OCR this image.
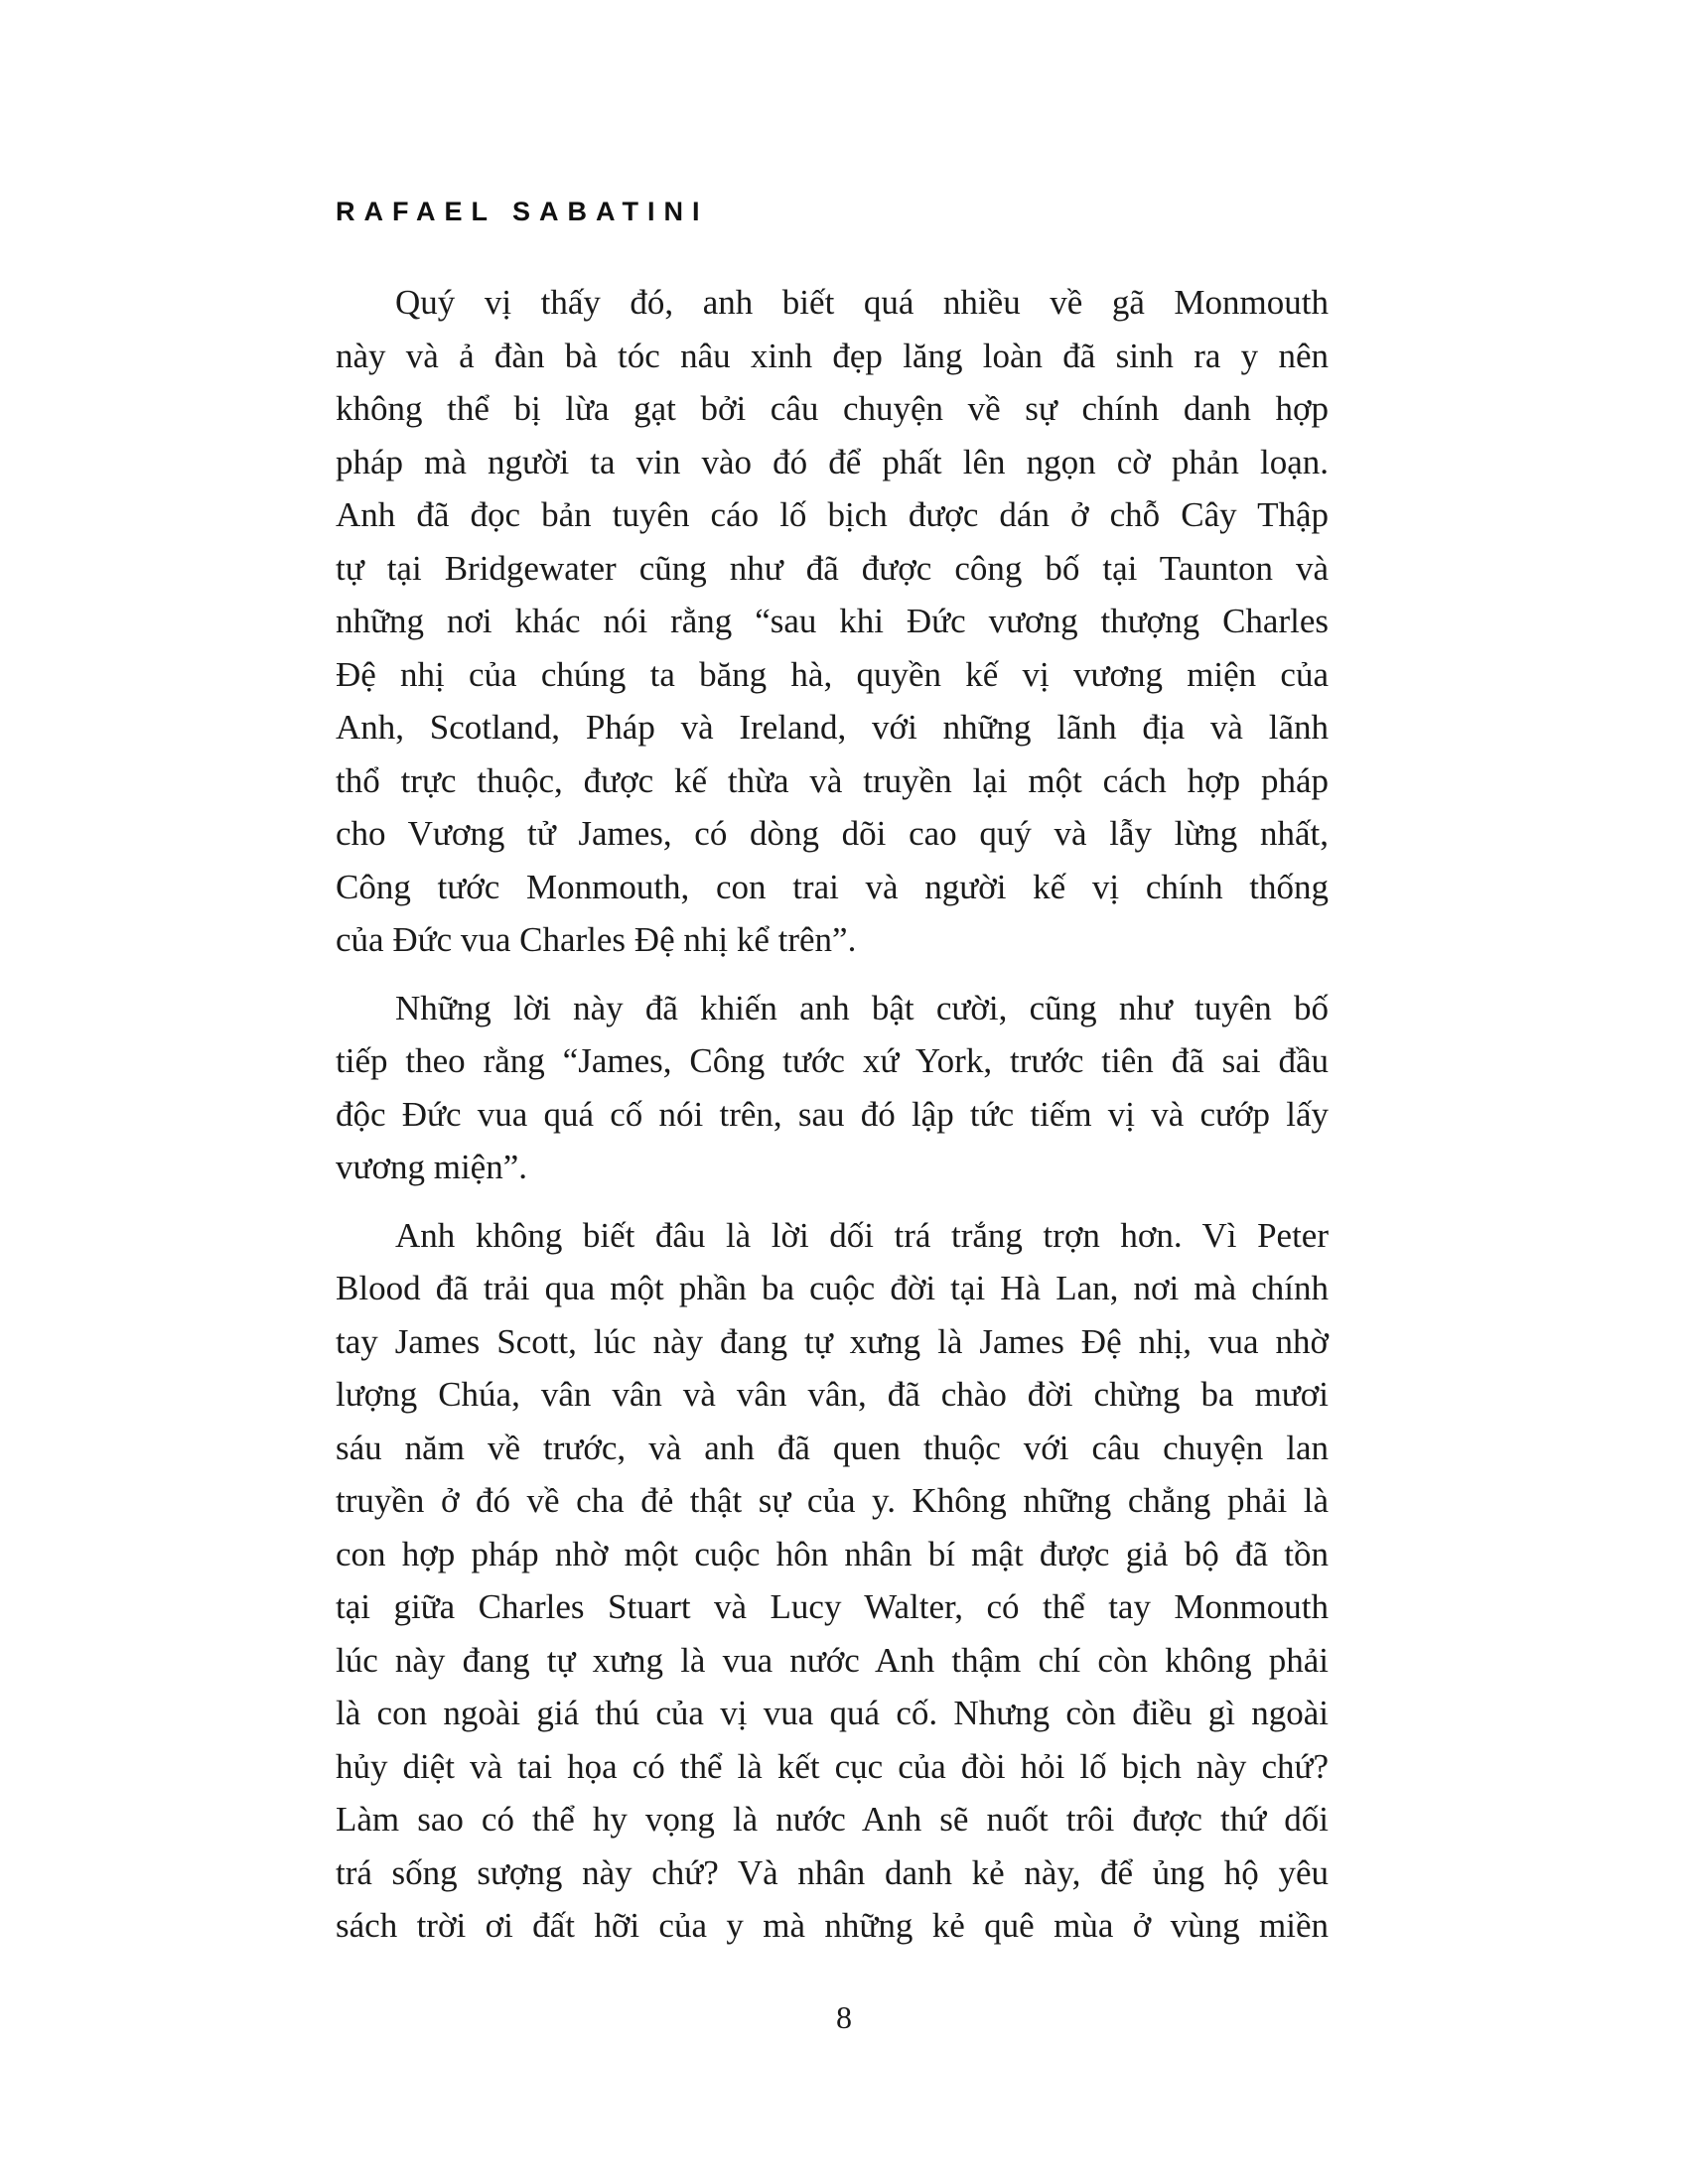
RAFAEL SABATINI
Quý vị thấy đó, anh biết quá nhiều về gã Monmouth
này và ả đàn bà tóc nâu xinh đẹp lăng loàn đã sinh ra y nên
không thể bị lừa gạt bởi câu chuyện về sự chính danh hợp
pháp mà người ta vin vào đó để phất lên ngọn cờ phản loạn.
Anh đã đọc bản tuyên cáo lố bịch được dán ở chỗ Cây Thập
tự tại Bridgewater cũng như đã được công bố tại Taunton và
những nơi khác nói rằng “sau khi Đức vương thượng Charles
Đệ nhị của chúng ta băng hà, quyền kế vị vương miện của
Anh, Scotland, Pháp và Ireland, với những lãnh địa và lãnh
thổ trực thuộc, được kế thừa và truyền lại một cách hợp pháp
cho Vương tử James, có dòng dõi cao quý và lẫy lừng nhất,
Công tước Monmouth, con trai và người kế vị chính thống
của Đức vua Charles Đệ nhị kể trên”.
Những lời này đã khiến anh bật cười, cũng như tuyên bố
tiếp theo rằng “James, Công tước xứ York, trước tiên đã sai đầu
độc Đức vua quá cố nói trên, sau đó lập tức tiếm vị và cướp lấy
vương miện”.
Anh không biết đâu là lời dối trá trắng trợn hơn. Vì Peter
Blood đã trải qua một phần ba cuộc đời tại Hà Lan, nơi mà chính
tay James Scott, lúc này đang tự xưng là James Đệ nhị, vua nhờ
lượng Chúa, vân vân và vân vân, đã chào đời chừng ba mươi
sáu năm về trước, và anh đã quen thuộc với câu chuyện lan
truyền ở đó về cha đẻ thật sự của y. Không những chẳng phải là
con hợp pháp nhờ một cuộc hôn nhân bí mật được giả bộ đã tồn
tại giữa Charles Stuart và Lucy Walter, có thể tay Monmouth
lúc này đang tự xưng là vua nước Anh thậm chí còn không phải
là con ngoài giá thú của vị vua quá cố. Nhưng còn điều gì ngoài
hủy diệt và tai họa có thể là kết cục của đòi hỏi lố bịch này chứ?
Làm sao có thể hy vọng là nước Anh sẽ nuốt trôi được thứ dối
trá sống sượng này chứ? Và nhân danh kẻ này, để ủng hộ yêu
sách trời ơi đất hỡi của y mà những kẻ quê mùa ở vùng miền
8
